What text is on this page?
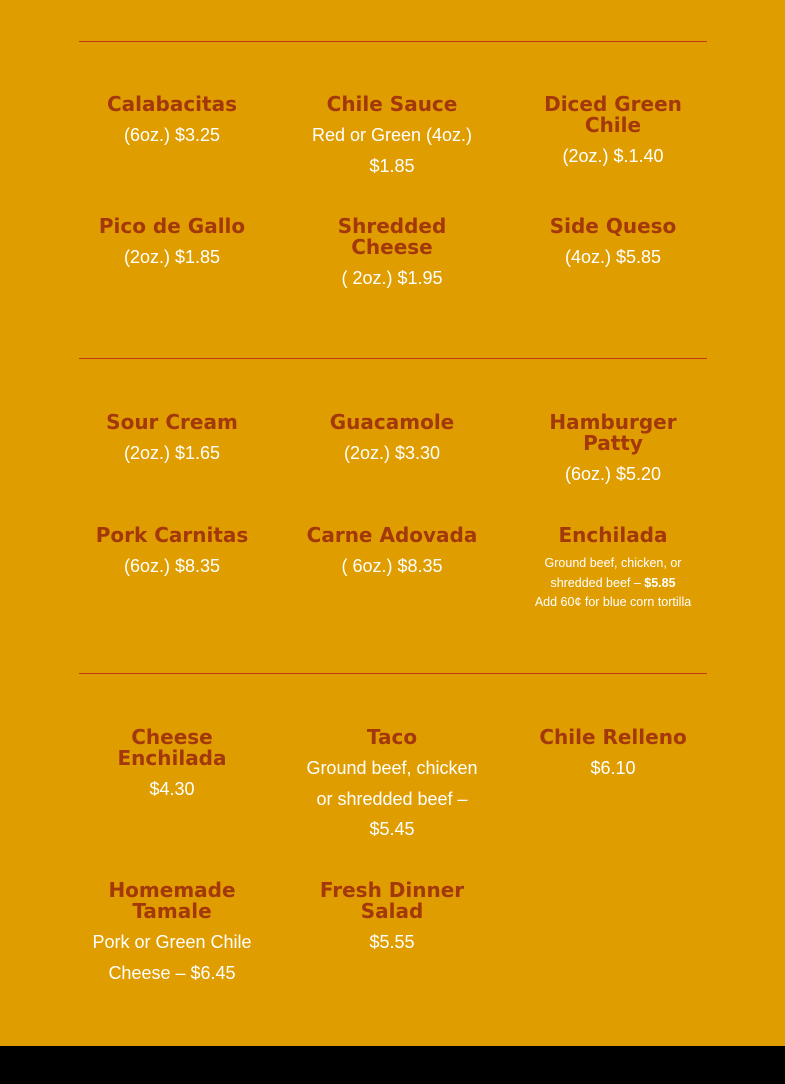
Calabacitas

(6oz.) $3.25

Chile Sauce

Red or Green (4oz.) $1.85

Diced Green Chile

(2oz.) $.1.40

Pico de Gallo

(2oz.) $1.85

Shredded Cheese

( 2oz.) $1.95

Side Queso

(4oz.) $5.85

Sour Cream

(2oz.) $1.65

Guacamole

(2oz.) $3.30

Hamburger Patty

(6oz.) $5.20

Pork Carnitas

(6oz.) $8.35

Carne Adovada

( 6oz.) $8.35

Enchilada

Ground beef, chicken, or shredded beef – $5.85

Add 60¢ for blue corn tortilla

Cheese Enchilada

$4.30

Taco

Ground beef, chicken or shredded beef – $5.45

Chile Relleno

$6.10

Homemade Tamale

Pork or Green Chile Cheese – $6.45

Fresh Dinner Salad

$5.55
